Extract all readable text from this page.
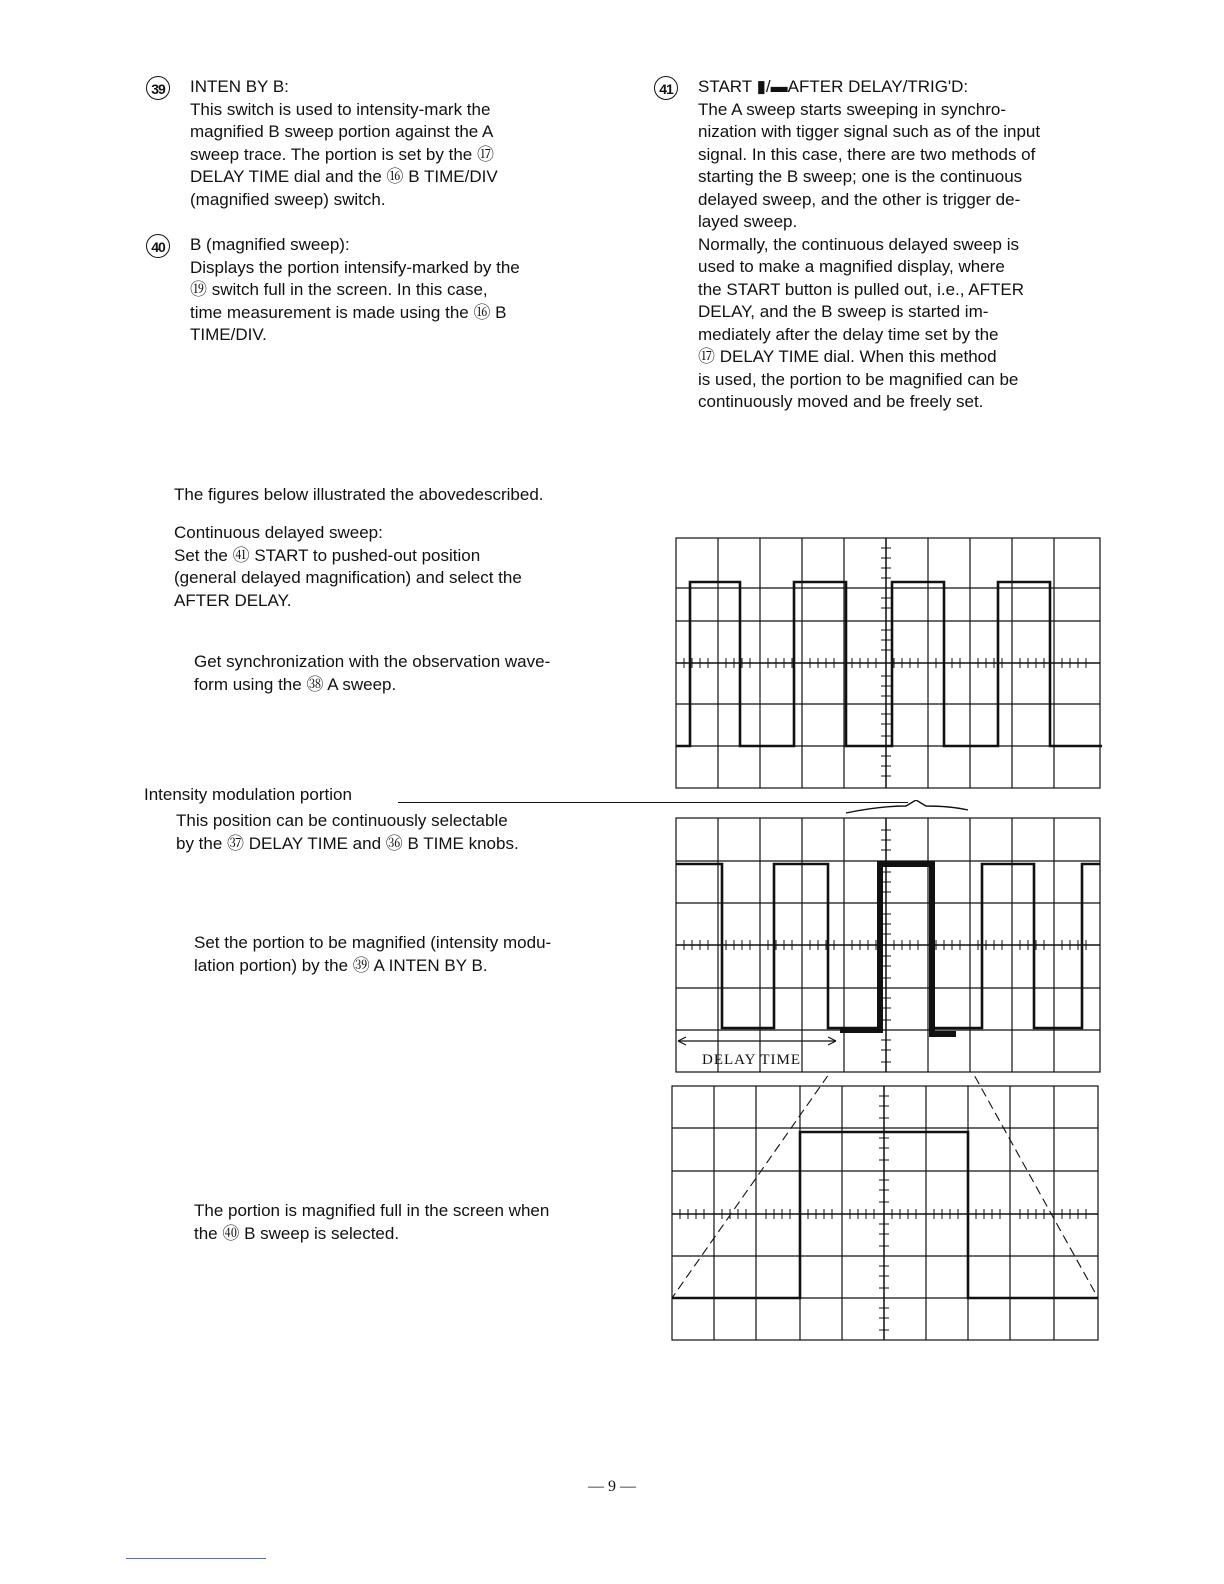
39	INTEN BY B:
This switch is used to intensity-mark the
magnified B sweep portion against the A
sweep trace. The portion is set by the ⑰
DELAY TIME dial and the ⑯ B TIME/DIV
(magnified sweep) switch.
40	B (magnified sweep):
Displays the portion intensify-marked by the
⑲ switch full in the screen. In this case,
time measurement is made using the ⑯ B
TIME/DIV.
41	START ▮/▬AFTER DELAY/TRIG'D:
The A sweep starts sweeping in synchro-
nization with tigger signal such as of the input
signal. In this case, there are two methods of
starting the B sweep; one is the continuous
delayed sweep, and the other is trigger de-
layed sweep.
Normally, the continuous delayed sweep is
used to make a magnified display, where
the START button is pulled out, i.e., AFTER
DELAY, and the B sweep is started im-
mediately after the delay time set by the
⑰ DELAY TIME dial. When this method
is used, the portion to be magnified can be
continuously moved and be freely set.
The figures below illustrated the abovedescribed.
Continuous delayed sweep:
Set the ㊶ START to pushed-out position
(general delayed magnification) and select the
AFTER DELAY.
Get synchronization with the observation wave-
form using the ㊳ A sweep.
Intensity modulation portion
This position can be continuously selectable
by the ㊲ DELAY TIME and ㊱ B TIME knobs.
Set the portion to be magnified (intensity modu-
lation portion) by the ㊴ A INTEN BY B.
The portion is magnified full in the screen when
the ㊵ B sweep is selected.
DELAY TIME
— 9 —
